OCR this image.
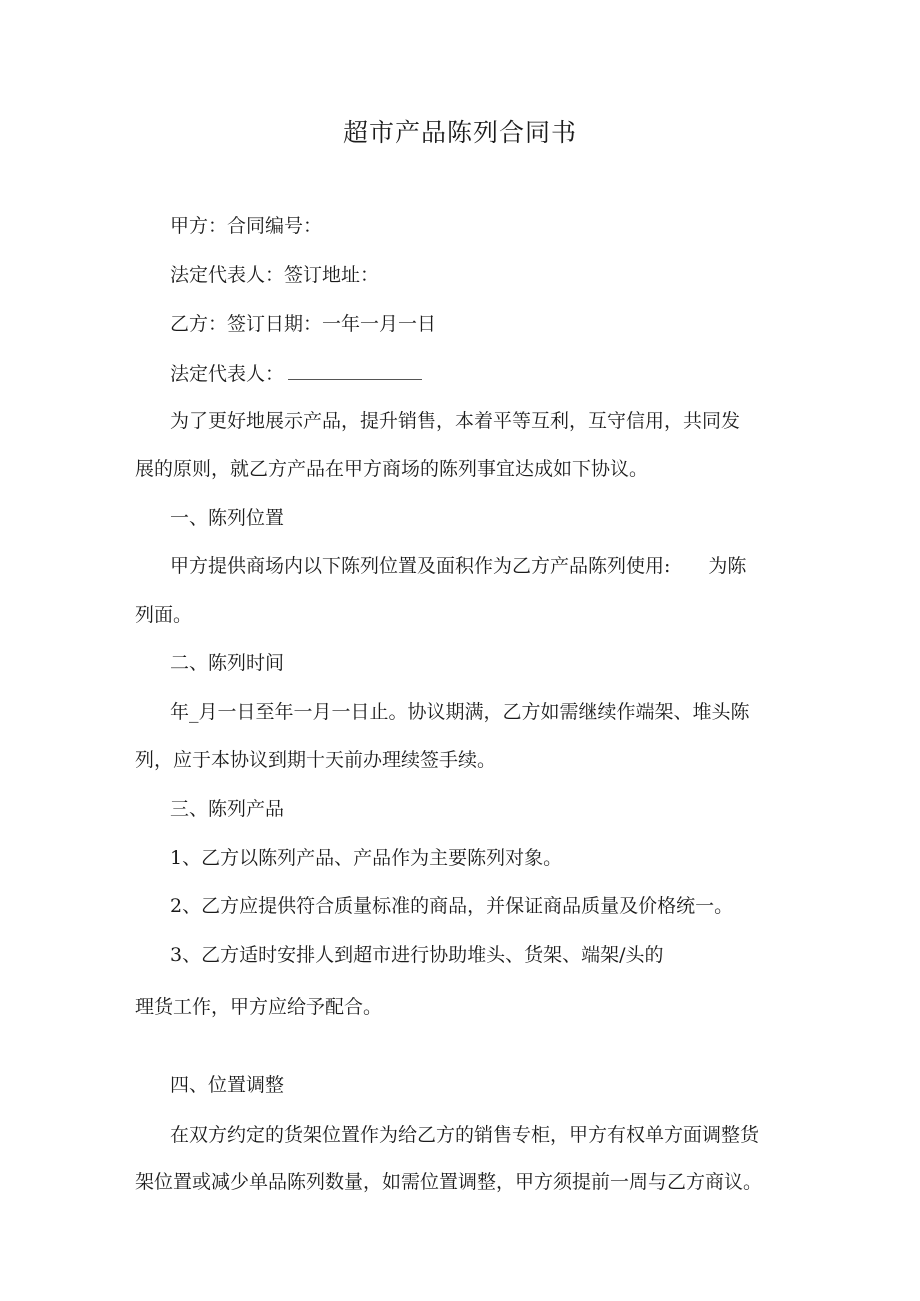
超市产品陈列合同书
甲方：合同编号：
法定代表人：签订地址：
乙方：签订日期：一年一月一日
法定代表人：
为了更好地展示产品，提升销售，本着平等互利，互守信用，共同发
展的原则，就乙方产品在甲方商场的陈列事宜达成如下协议。
一、陈列位置
甲方提供商场内以下陈列位置及面积作为乙方产品陈列使用: 为陈
列面。
二、陈列时间
年_月一日至年一月一日止。协议期满，乙方如需继续作端架、堆头陈
列，应于本协议到期十天前办理续签手续。
三、陈列产品
1、乙方以陈列产品、产品作为主要陈列对象。
2、乙方应提供符合质量标准的商品，并保证商品质量及价格统一。
3、乙方适时安排人到超市进行协助堆头、货架、端架/头的
理货工作，甲方应给予配合。
四、位置调整
在双方约定的货架位置作为给乙方的销售专柜，甲方有权单方面调整货
架位置或减少单品陈列数量，如需位置调整，甲方须提前一周与乙方商议。
